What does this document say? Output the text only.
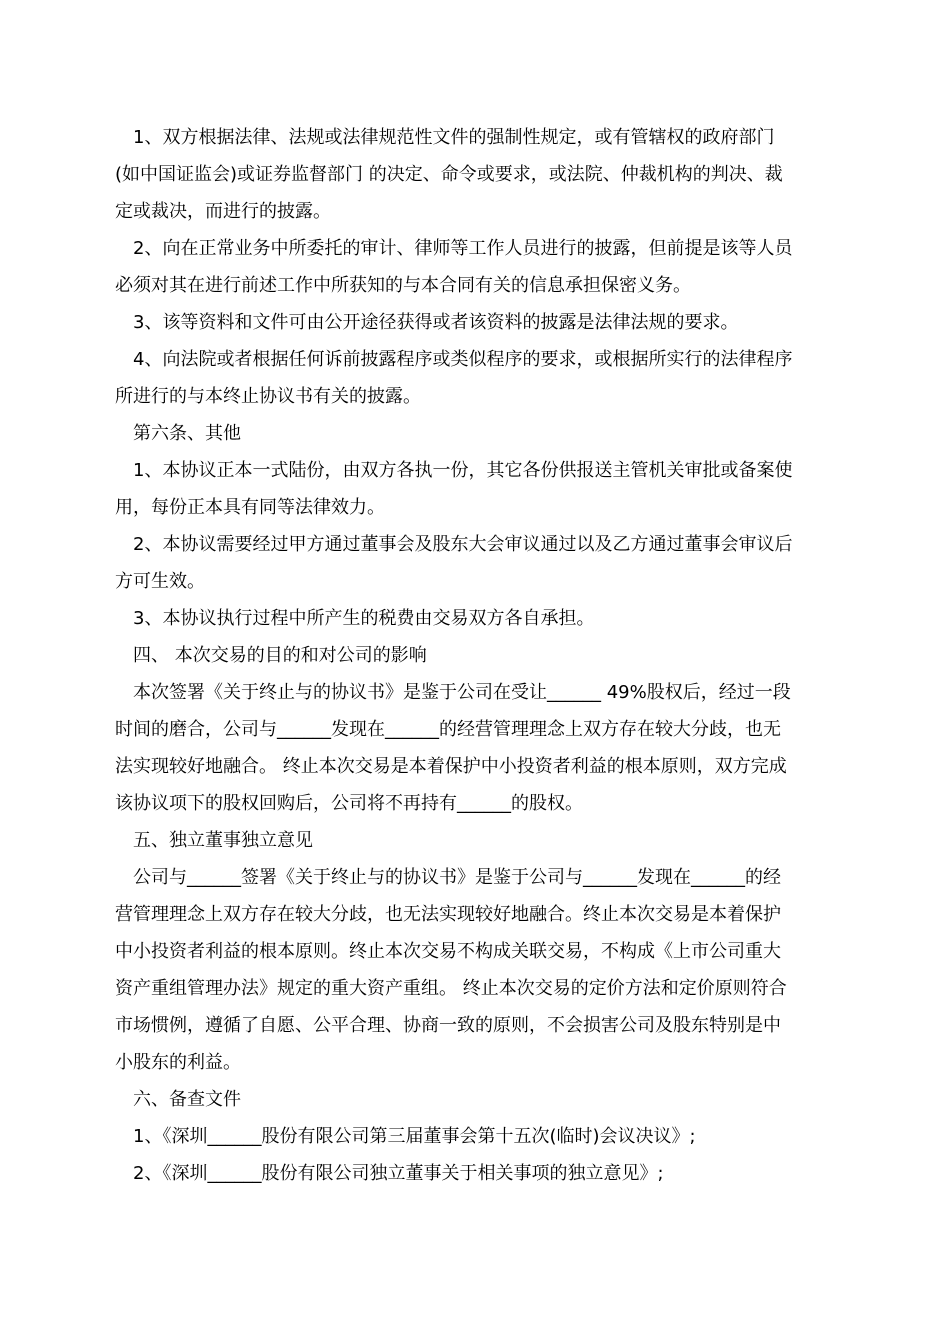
1、双方根据法律、法规或法律规范性文件的强制性规定，或有管辖权的政府部门
(如中国证监会)或证券监督部门 的决定、命令或要求，或法院、仲裁机构的判决、裁
定或裁决，而进行的披露。
2、向在正常业务中所委托的审计、律师等工作人员进行的披露，但前提是该等人员
必须对其在进行前述工作中所获知的与本合同有关的信息承担保密义务。
3、该等资料和文件可由公开途径获得或者该资料的披露是法律法规的要求。
4、向法院或者根据任何诉前披露程序或类似程序的要求，或根据所实行的法律程序
所进行的与本终止协议书有关的披露。
第六条、其他
1、本协议正本一式陆份，由双方各执一份，其它各份供报送主管机关审批或备案使
用，每份正本具有同等法律效力。
2、本协议需要经过甲方通过董事会及股东大会审议通过以及乙方通过董事会审议后
方可生效。
3、本协议执行过程中所产生的税费由交易双方各自承担。
四、 本次交易的目的和对公司的影响
本次签署《关于终止与的协议书》是鉴于公司在受让______ 49%股权后，经过一段
时间的磨合，公司与______发现在______的经营管理理念上双方存在较大分歧，也无
法实现较好地融合。 终止本次交易是本着保护中小投资者利益的根本原则，双方完成
该协议项下的股权回购后，公司将不再持有______的股权。
五、独立董事独立意见
公司与______签署《关于终止与的协议书》是鉴于公司与______发现在______的经
营管理理念上双方存在较大分歧，也无法实现较好地融合。终止本次交易是本着保护
中小投资者利益的根本原则。终止本次交易不构成关联交易，不构成《上市公司重大
资产重组管理办法》规定的重大资产重组。 终止本次交易的定价方法和定价原则符合
市场惯例，遵循了自愿、公平合理、协商一致的原则，不会损害公司及股东特别是中
小股东的利益。
六、备查文件
1、《深圳______股份有限公司第三届董事会第十五次(临时)会议决议》;
2、《深圳______股份有限公司独立董事关于相关事项的独立意见》;
